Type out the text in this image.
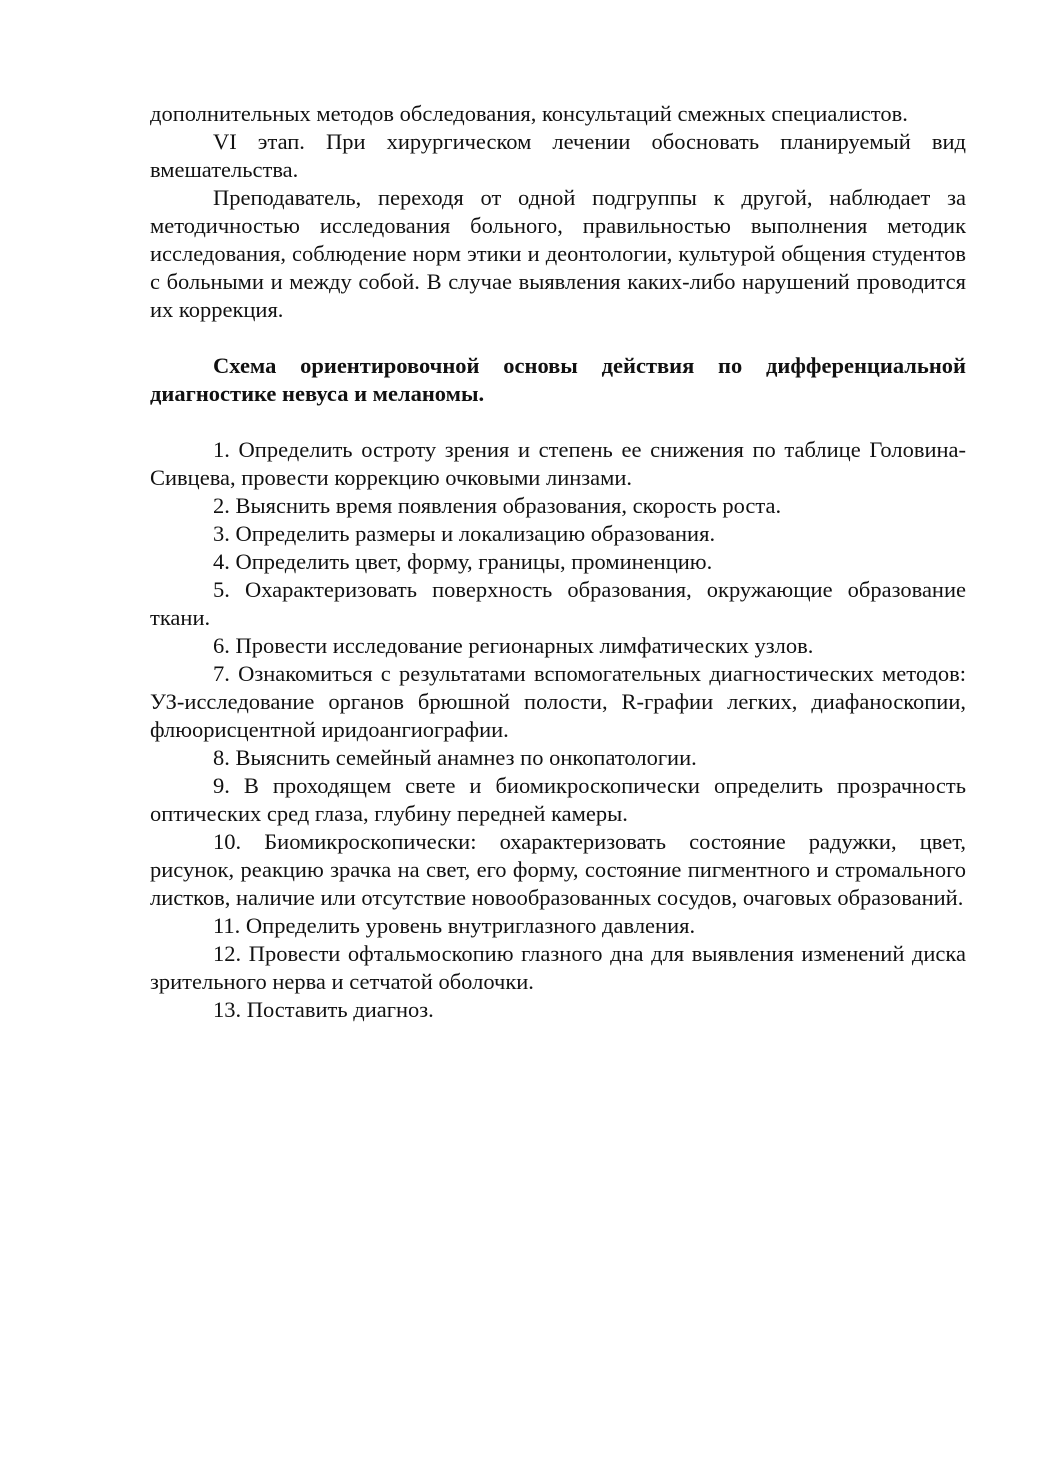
дополнительных методов обследования, консультаций смежных специалистов.

VI этап. При хирургическом лечении обосновать планируемый вид вмешательства.

Преподаватель, переходя от одной подгруппы к другой, наблюдает за методичностью исследования больного, правильностью выполнения методик исследования, соблюдение норм этики и деонтологии, культурой общения студентов с больными и между собой. В случае выявления каких-либо нарушений проводится их коррекция.

Схема ориентировочной основы действия по дифференциальной диагностике невуса и меланомы.

1. Определить остроту зрения и степень ее снижения по таблице Головина-Сивцева, провести коррекцию очковыми линзами.

2. Выяснить время появления образования, скорость роста.

3. Определить размеры и локализацию образования.

4. Определить цвет, форму, границы, проминенцию.

5. Охарактеризовать поверхность образования, окружающие образование ткани.

6. Провести исследование регионарных лимфатических узлов.

7. Ознакомиться с результатами вспомогательных диагностических методов: УЗ-исследование органов брюшной полости, R-графии легких, диафаноскопии, флюорисцентной иридоангиографии.

8. Выяснить семейный анамнез по онкопатологии.

9. В проходящем свете и биомикроскопически определить прозрачность оптических сред глаза, глубину передней камеры.

10. Биомикроскопически: охарактеризовать состояние радужки, цвет, рисунок, реакцию зрачка на свет, его форму, состояние пигментного и стромального листков, наличие или отсутствие новообразованных сосудов, очаговых образований.

11. Определить уровень внутриглазного давления.

12. Провести офтальмоскопию глазного дна для выявления изменений диска зрительного нерва и сетчатой оболочки.

13. Поставить диагноз.
